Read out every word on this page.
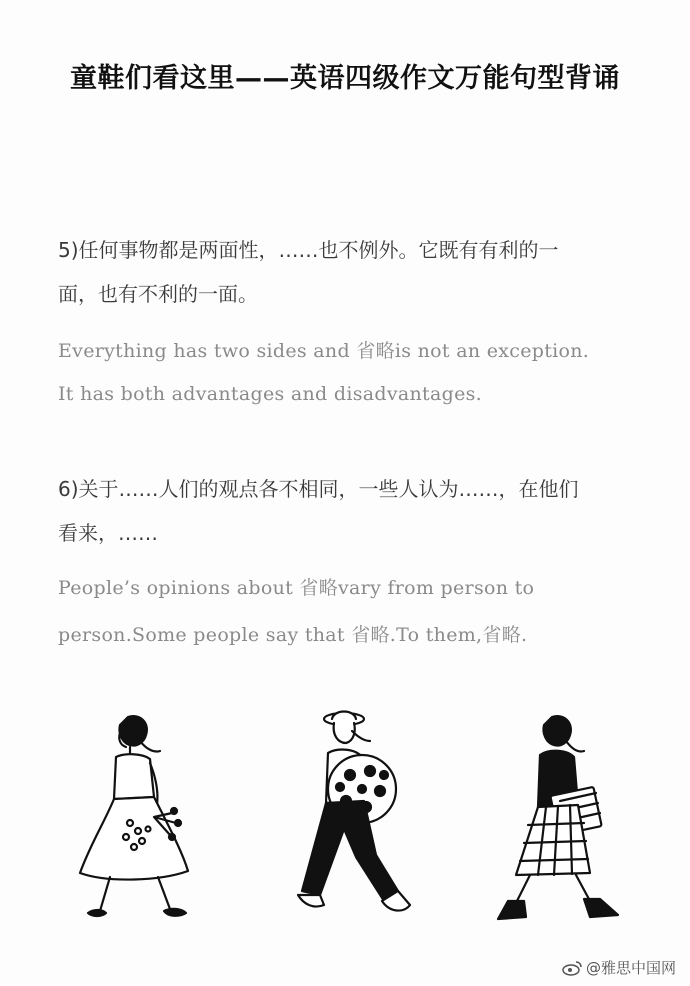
童鞋们看这里——英语四级作文万能句型背诵
5)任何事物都是两面性，……也不例外。它既有有利的一
面，也有不利的一面。
Everything has two sides and 省略is not an exception.
It has both advantages and disadvantages.
6)关于……人们的观点各不相同，一些人认为……，在他们
看来，……
People’s opinions about 省略vary from person to
person.Some people say that 省略.To them,省略.
@雅思中国网
